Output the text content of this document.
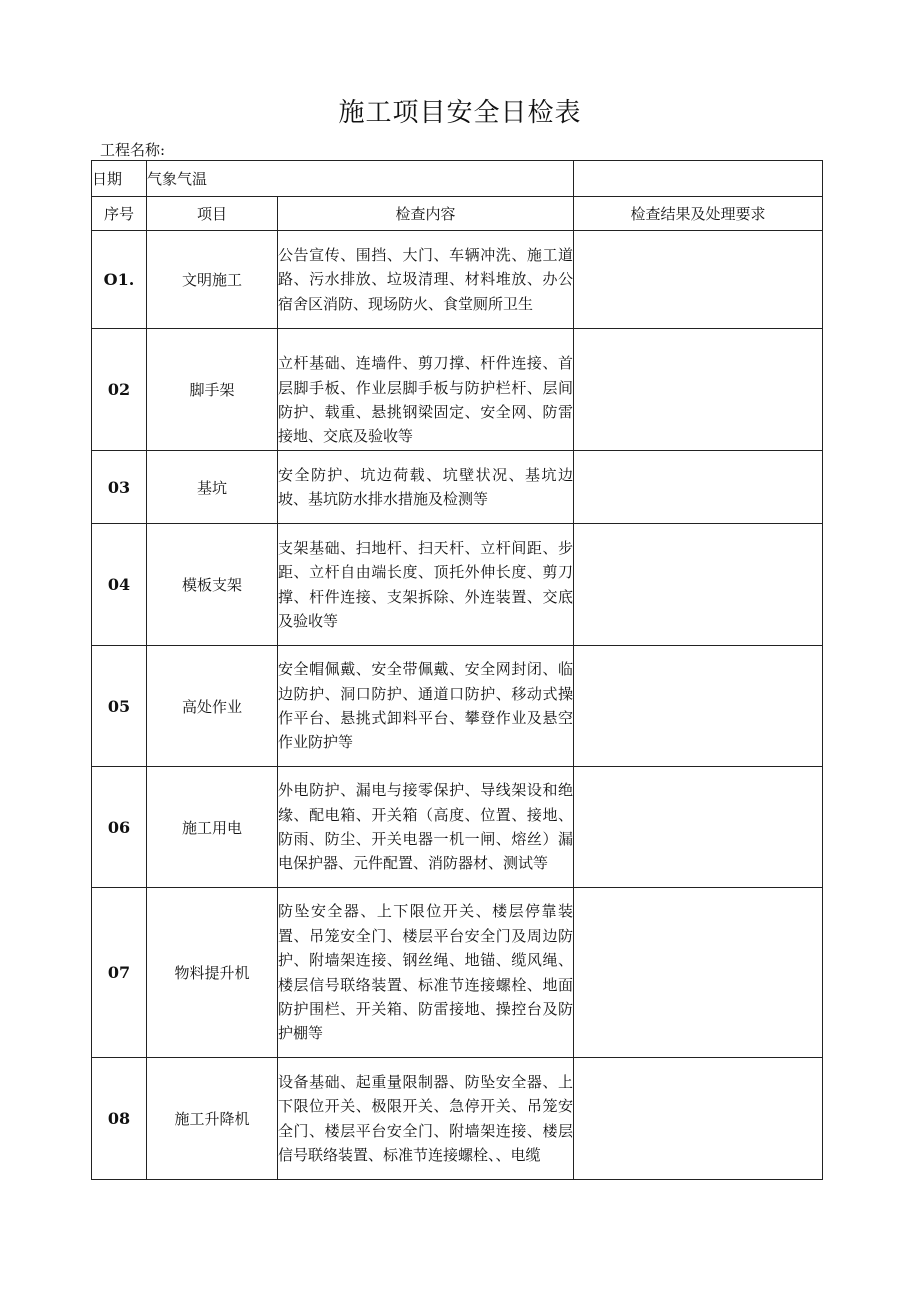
施工项目安全日检表
工程名称:
日期	气象气温		
序号	项目	检查内容	检查结果及处理要求
O1.	文明施工	公告宣传、围挡、大门、车辆冲洗、施工道路、污水排放、垃圾清理、材料堆放、办公宿舍区消防、现场防火、食堂厕所卫生	
02	脚手架	立杆基础、连墙件、剪刀撑、杆件连接、首层脚手板、作业层脚手板与防护栏杆、层间防护、载重、悬挑钢梁固定、安全网、防雷接地、交底及验收等	
03	基坑	安全防护、坑边荷载、坑壁状况、基坑边坡、基坑防水排水措施及检测等	
04	模板支架	支架基础、扫地杆、扫天杆、立杆间距、步距、立杆自由端长度、顶托外伸长度、剪刀撑、杆件连接、支架拆除、外连装置、交底及验收等	
05	高处作业	安全帽佩戴、安全带佩戴、安全网封闭、临边防护、洞口防护、通道口防护、移动式操作平台、悬挑式卸料平台、攀登作业及悬空作业防护等	
06	施工用电	外电防护、漏电与接零保护、导线架设和绝缘、配电箱、开关箱（高度、位置、接地、防雨、防尘、开关电器一机一闸、熔丝）漏电保护器、元件配置、消防器材、测试等	
07	物料提升机	防坠安全器、上下限位开关、楼层停靠装置、吊笼安全门、楼层平台安全门及周边防护、附墙架连接、钢丝绳、地锚、缆风绳、楼层信号联络装置、标准节连接螺栓、地面防护围栏、开关箱、防雷接地、操控台及防护棚等	
08	施工升降机	设备基础、起重量限制器、防坠安全器、上下限位开关、极限开关、急停开关、吊笼安全门、楼层平台安全门、附墙架连接、楼层信号联络装置、标准节连接螺栓、、电缆	
